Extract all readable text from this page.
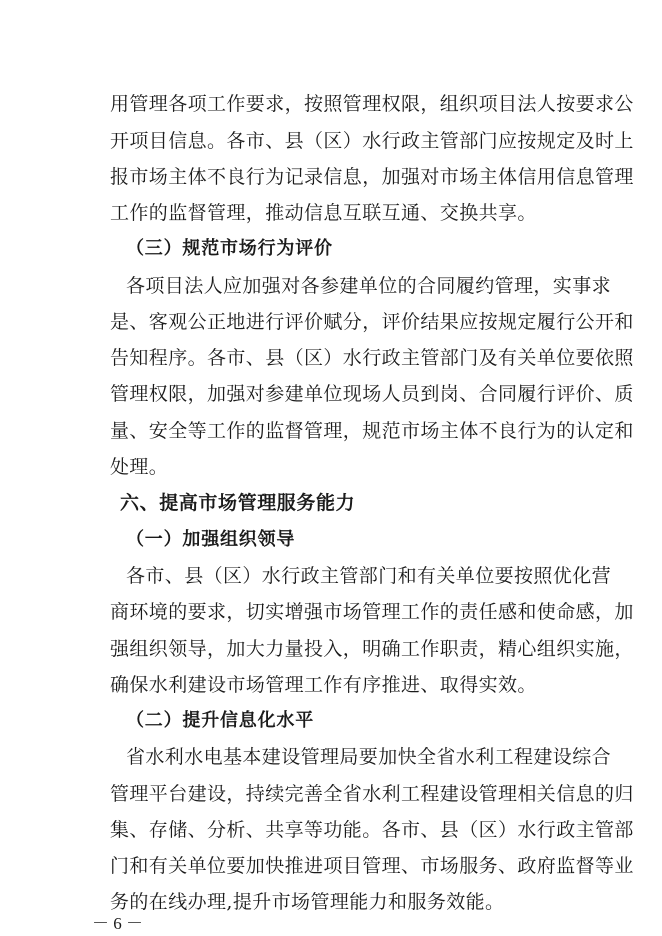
用管理各项工作要求，按照管理权限，组织项目法人按要求公
开项目信息。各市、县（区）水行政主管部门应按规定及时上
报市场主体不良行为记录信息，加强对市场主体信用信息管理
工作的监督管理，推动信息互联互通、交换共享。
（三）规范市场行为评价
各项目法人应加强对各参建单位的合同履约管理，实事求
是、客观公正地进行评价赋分，评价结果应按规定履行公开和
告知程序。各市、县（区）水行政主管部门及有关单位要依照
管理权限，加强对参建单位现场人员到岗、合同履行评价、质
量、安全等工作的监督管理，规范市场主体不良行为的认定和
处理。
六、提高市场管理服务能力
（一）加强组织领导
各市、县（区）水行政主管部门和有关单位要按照优化营
商环境的要求，切实增强市场管理工作的责任感和使命感，加
强组织领导，加大力量投入，明确工作职责，精心组织实施，
确保水利建设市场管理工作有序推进、取得实效。
（二）提升信息化水平
省水利水电基本建设管理局要加快全省水利工程建设综合
管理平台建设，持续完善全省水利工程建设管理相关信息的归
集、存储、分析、共享等功能。各市、县（区）水行政主管部
门和有关单位要加快推进项目管理、市场服务、政府监督等业
务的在线办理,提升市场管理能力和服务效能。
－ 6 －
